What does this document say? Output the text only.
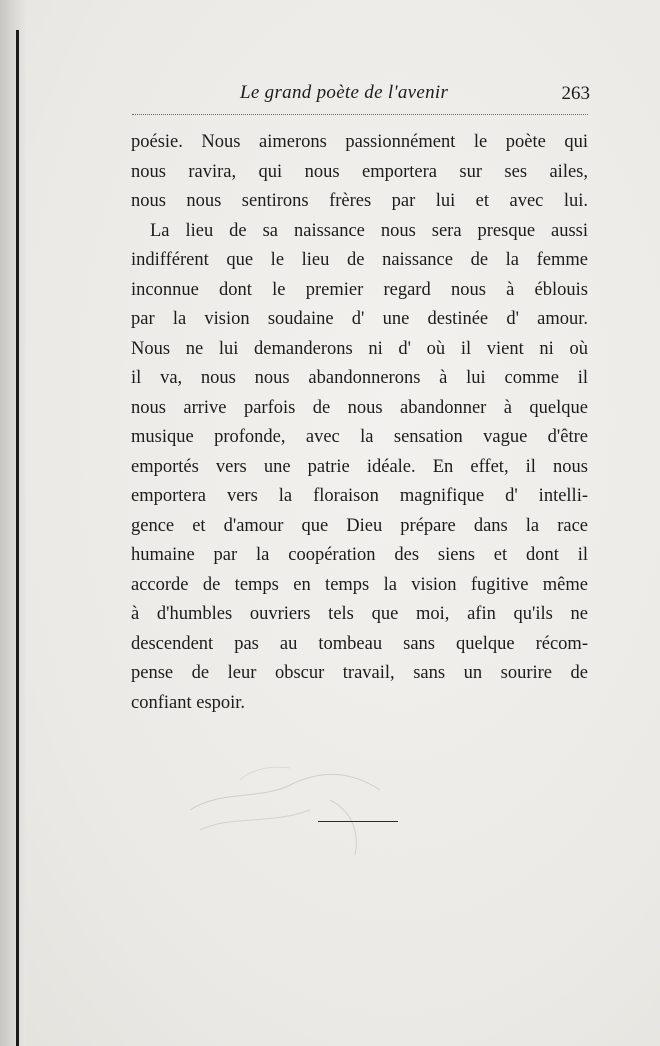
Le grand poète de l'avenir	263
poésie. Nous aimerons passionnément le poète qui
nous ravira, qui nous emportera sur ses ailes,
nous nous sentirons frères par lui et avec lui.
La lieu de sa naissance nous sera presque aussi
indifférent que le lieu de naissance de la femme
inconnue dont le premier regard nous à éblouis
par la vision soudaine d' une destinée d' amour.
Nous ne lui demanderons ni d' où il vient ni où
il va, nous nous abandonnerons à lui comme il
nous arrive parfois de nous abandonner à quelque
musique profonde, avec la sensation vague d'être
emportés vers une patrie idéale. En effet, il nous
emportera vers la floraison magnifique d' intelli-
gence et d'amour que Dieu prépare dans la race
humaine par la coopération des siens et dont il
accorde de temps en temps la vision fugitive même
à d'humbles ouvriers tels que moi, afin qu'ils ne
descendent pas au tombeau sans quelque récom-
pense de leur obscur travail, sans un sourire de
confiant espoir.
